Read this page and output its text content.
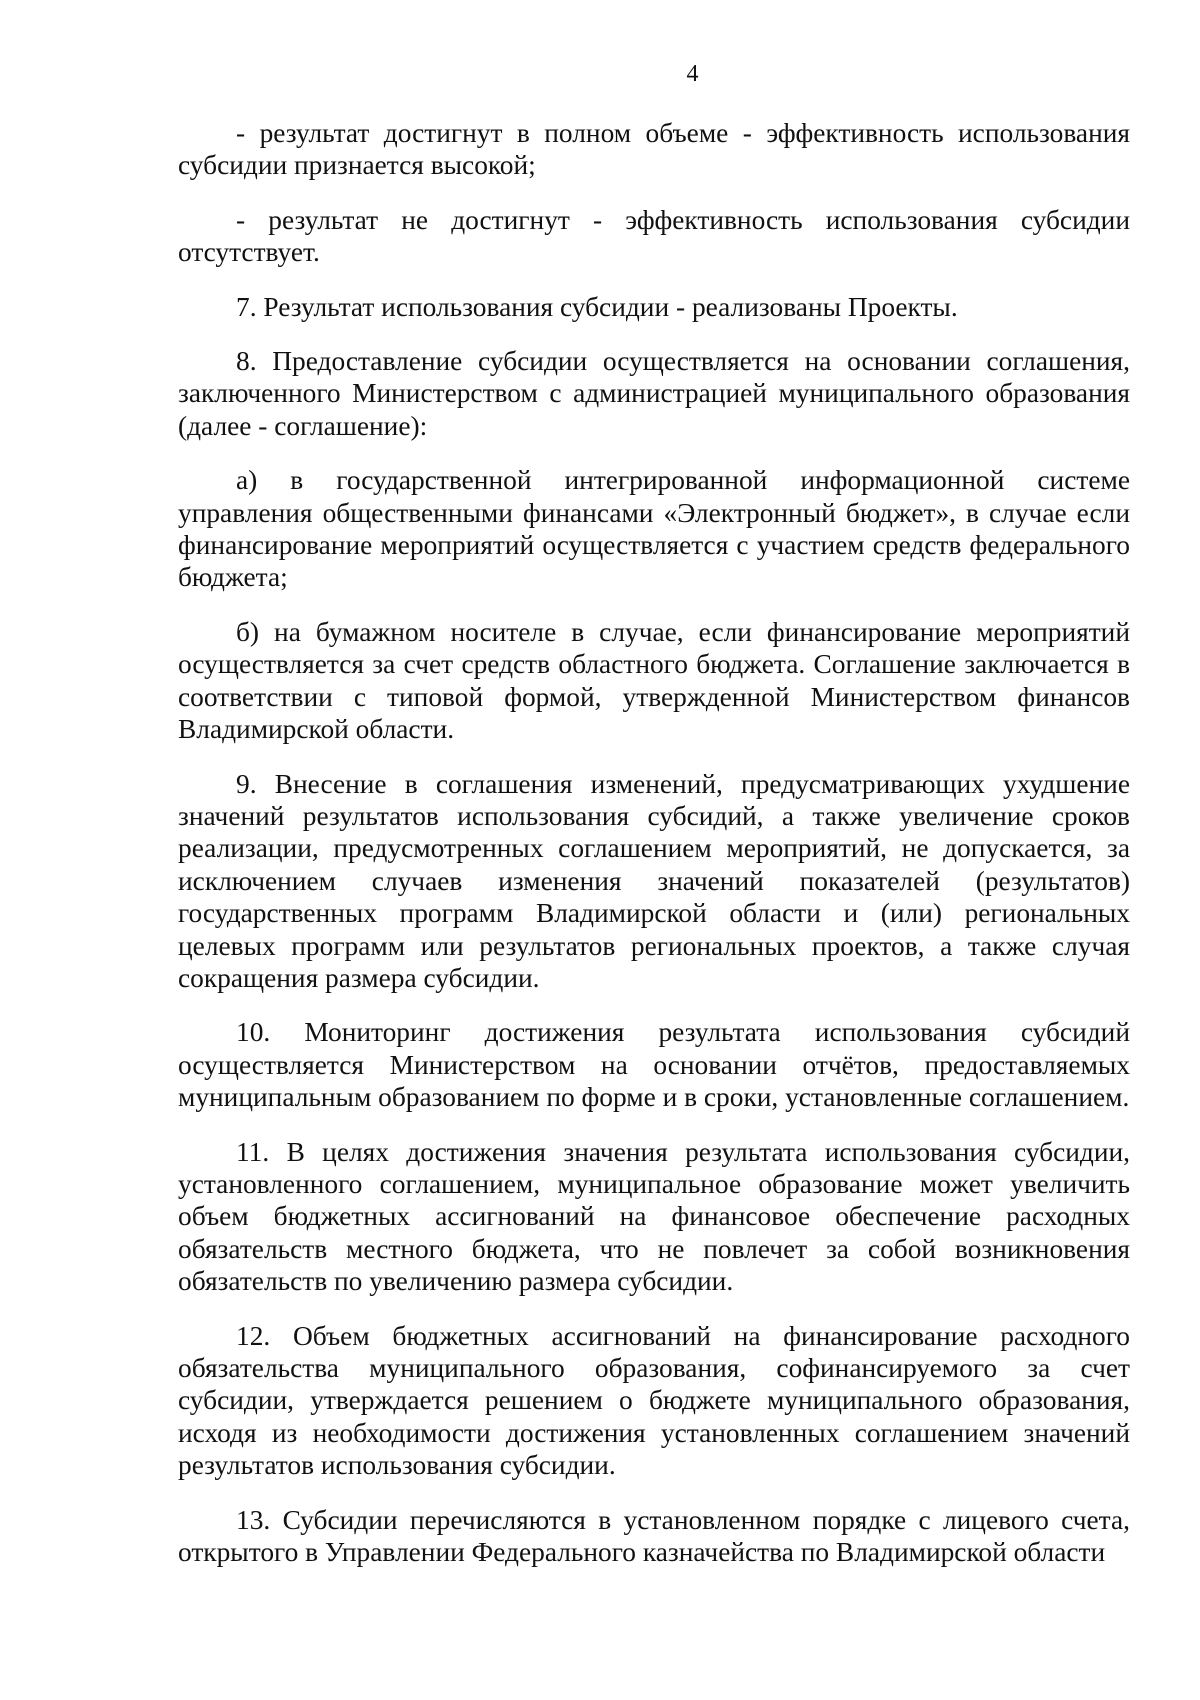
4

- результат достигнут в полном объеме - эффективность использования субсидии признается высокой;

- результат не достигнут - эффективность использования субсидии отсутствует.

7. Результат использования субсидии - реализованы Проекты.

8. Предоставление субсидии осуществляется на основании соглашения, заключенного Министерством с администрацией муниципального образования (далее - соглашение):

а) в государственной интегрированной информационной системе управления общественными финансами «Электронный бюджет», в случае если финансирование мероприятий осуществляется с участием средств федерального бюджета;

б) на бумажном носителе в случае, если финансирование мероприятий осуществляется за счет средств областного бюджета. Соглашение заключается в соответствии с типовой формой, утвержденной Министерством финансов Владимирской области.

9. Внесение в соглашения изменений, предусматривающих ухудшение значений результатов использования субсидий, а также увеличение сроков реализации, предусмотренных соглашением мероприятий, не допускается, за исключением случаев изменения значений показателей (результатов) государственных программ Владимирской области и (или) региональных целевых программ или результатов региональных проектов, а также случая сокращения размера субсидии.

10. Мониторинг достижения результата использования субсидий осуществляется Министерством на основании отчётов, предоставляемых муниципальным образованием по форме и в сроки, установленные соглашением.

11. В целях достижения значения результата использования субсидии, установленного соглашением, муниципальное образование может увеличить объем бюджетных ассигнований на финансовое обеспечение расходных обязательств местного бюджета, что не повлечет за собой возникновения обязательств по увеличению размера субсидии.

12. Объем бюджетных ассигнований на финансирование расходного обязательства муниципального образования, софинансируемого за счет субсидии, утверждается решением о бюджете муниципального образования, исходя из необходимости достижения установленных соглашением значений результатов использования субсидии.

13. Субсидии перечисляются в установленном порядке с лицевого счета, открытого в Управлении Федерального казначейства по Владимирской области
